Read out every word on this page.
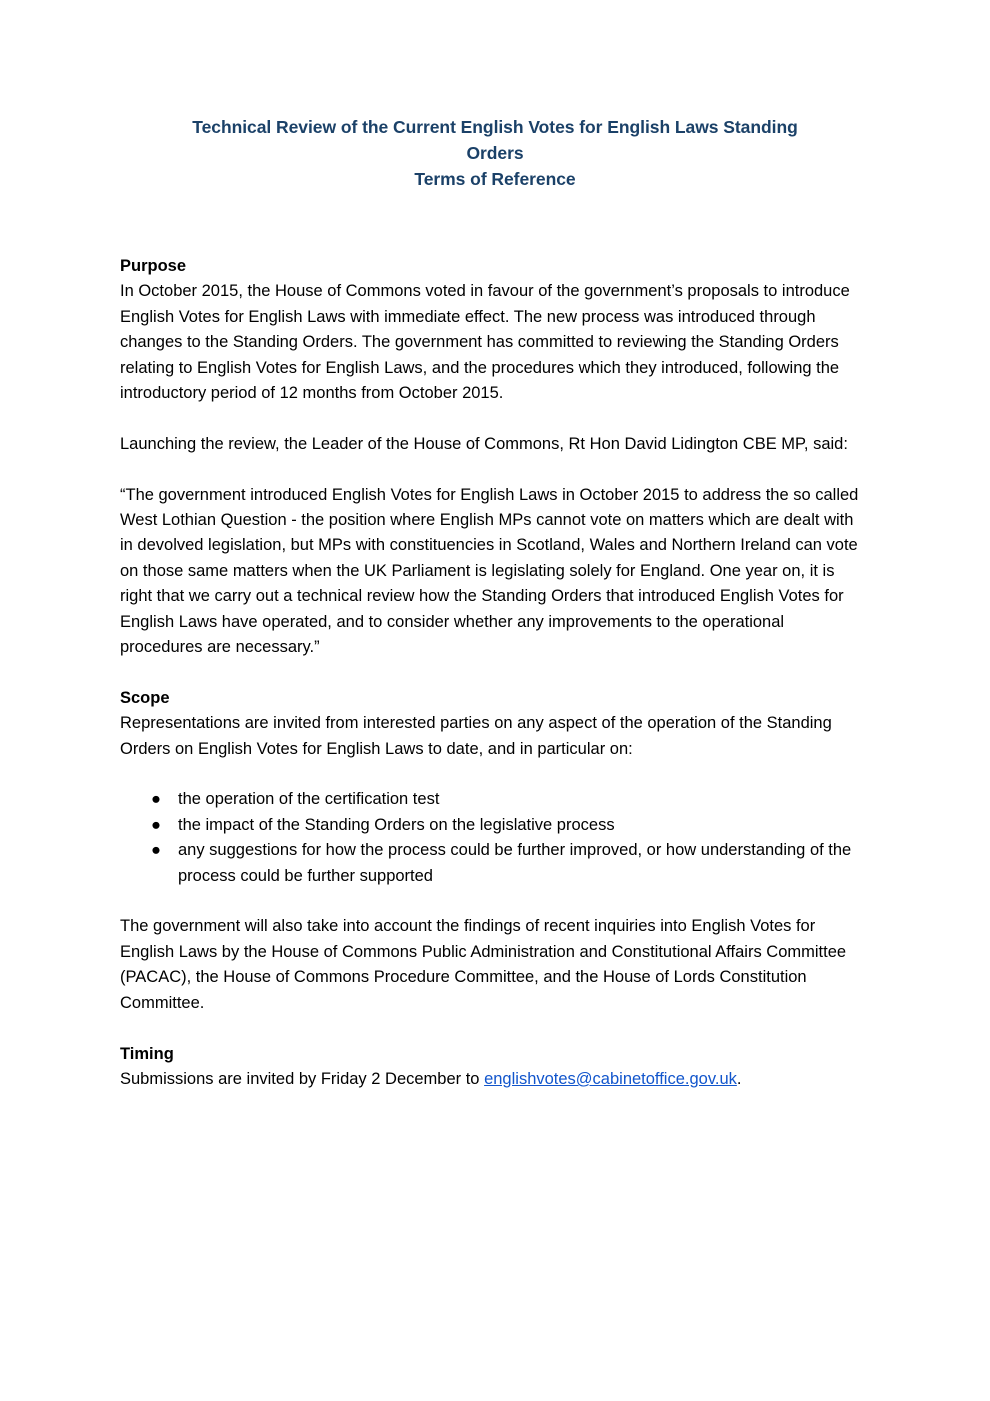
Technical Review of the Current English Votes for English Laws Standing
Orders
Terms of Reference
Purpose

In October 2015, the House of Commons voted in favour of the government’s proposals to introduce English Votes for English Laws with immediate effect. The new process was introduced through changes to the Standing Orders. The government has committed to reviewing the Standing Orders relating to English Votes for English Laws, and the procedures which they introduced, following the introductory period of 12 months from October 2015.

Launching the review, the Leader of the House of Commons, Rt Hon David Lidington CBE MP, said:

“The government introduced English Votes for English Laws in October 2015 to address the so called West Lothian Question - the position where English MPs cannot vote on matters which are dealt with in devolved legislation, but MPs with constituencies in Scotland, Wales and Northern Ireland can vote on those same matters when the UK Parliament is legislating solely for England. One year on, it is right that we carry out a technical review how the Standing Orders that introduced English Votes for English Laws have operated, and to consider whether any improvements to the operational procedures are necessary.”

Scope

Representations are invited from interested parties on any aspect of the operation of the Standing Orders on English Votes for English Laws to date, and in particular on:

● the operation of the certification test
● the impact of the Standing Orders on the legislative process
● any suggestions for how the process could be further improved, or how understanding of the process could be further supported

The government will also take into account the findings of recent inquiries into English Votes for English Laws by the House of Commons Public Administration and Constitutional Affairs Committee (PACAC), the House of Commons Procedure Committee, and the House of Lords Constitution Committee.

Timing

Submissions are invited by Friday 2 December to englishvotes@cabinetoffice.gov.uk.
